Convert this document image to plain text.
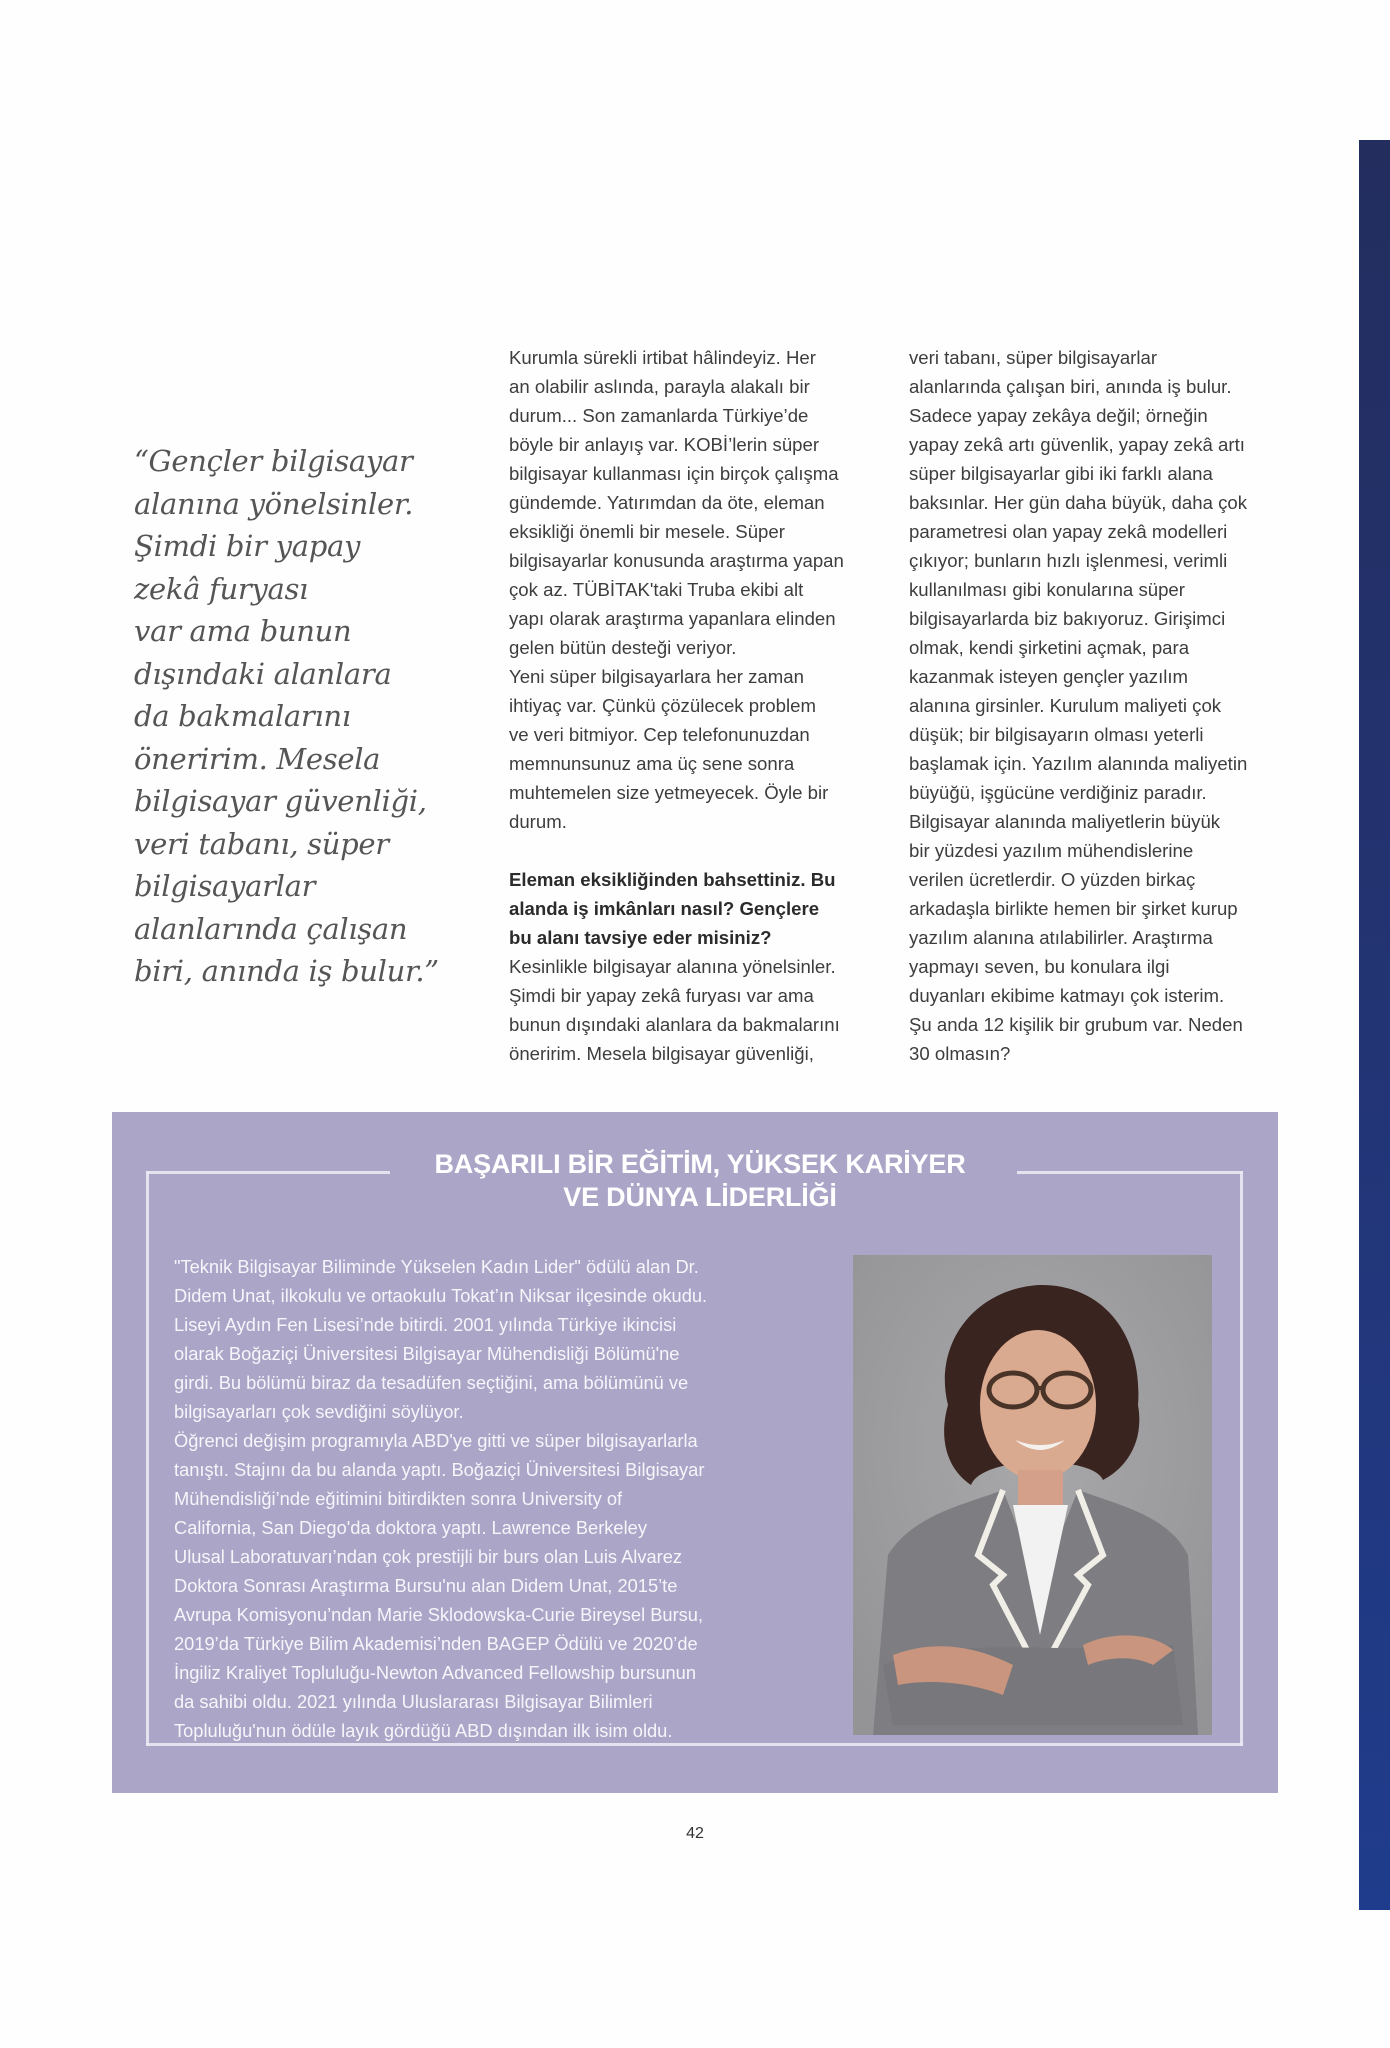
“Gençler bilgisayar
alanına yönelsinler.
Şimdi bir yapay
zekâ furyası
var ama bunun
dışındaki alanlara
da bakmalarını
öneririm. Mesela
bilgisayar güvenliği,
veri tabanı, süper
bilgisayarlar
alanlarında çalışan
biri, anında iş bulur.”
Kurumla sürekli irtibat hâlindeyiz. Her
an olabilir aslında, parayla alakalı bir
durum... Son zamanlarda Türkiye’de
böyle bir anlayış var. KOBİ’lerin süper
bilgisayar kullanması için birçok çalışma
gündemde. Yatırımdan da öte, eleman
eksikliği önemli bir mesele. Süper
bilgisayarlar konusunda araştırma yapan
çok az. TÜBİTAK'taki Truba ekibi alt
yapı olarak araştırma yapanlara elinden
gelen bütün desteği veriyor.
Yeni süper bilgisayarlara her zaman
ihtiyaç var. Çünkü çözülecek problem
ve veri bitmiyor. Cep telefonunuzdan
memnunsunuz ama üç sene sonra
muhtemelen size yetmeyecek. Öyle bir
durum.
Eleman eksikliğinden bahsettiniz. Bu
alanda iş imkânları nasıl? Gençlere
bu alanı tavsiye eder misiniz?
Kesinlikle bilgisayar alanına yönelsinler.
Şimdi bir yapay zekâ furyası var ama
bunun dışındaki alanlara da bakmalarını
öneririm. Mesela bilgisayar güvenliği,
veri tabanı, süper bilgisayarlar
alanlarında çalışan biri, anında iş bulur.
Sadece yapay zekâya değil; örneğin
yapay zekâ artı güvenlik, yapay zekâ artı
süper bilgisayarlar gibi iki farklı alana
baksınlar. Her gün daha büyük, daha çok
parametresi olan yapay zekâ modelleri
çıkıyor; bunların hızlı işlenmesi, verimli
kullanılması gibi konularına süper
bilgisayarlarda biz bakıyoruz. Girişimci
olmak, kendi şirketini açmak, para
kazanmak isteyen gençler yazılım
alanına girsinler. Kurulum maliyeti çok
düşük; bir bilgisayarın olması yeterli
başlamak için. Yazılım alanında maliyetin
büyüğü, işgücüne verdiğiniz paradır.
Bilgisayar alanında maliyetlerin büyük
bir yüzdesi yazılım mühendislerine
verilen ücretlerdir. O yüzden birkaç
arkadaşla birlikte hemen bir şirket kurup
yazılım alanına atılabilirler. Araştırma
yapmayı seven, bu konulara ilgi
duyanları ekibime katmayı çok isterim.
Şu anda 12 kişilik bir grubum var. Neden
30 olmasın?
BAŞARILI BİR EĞİTİM, YÜKSEK KARİYER
VE DÜNYA LİDERLİĞİ
"Teknik Bilgisayar Biliminde Yükselen Kadın Lider" ödülü alan Dr.
Didem Unat, ilkokulu ve ortaokulu Tokat’ın Niksar ilçesinde okudu.
Liseyi Aydın Fen Lisesi’nde bitirdi. 2001 yılında Türkiye ikincisi
olarak Boğaziçi Üniversitesi Bilgisayar Mühendisliği Bölümü'ne
girdi. Bu bölümü biraz da tesadüfen seçtiğini, ama bölümünü ve
bilgisayarları çok sevdiğini söylüyor.
Öğrenci değişim programıyla ABD'ye gitti ve süper bilgisayarlarla
tanıştı. Stajını da bu alanda yaptı. Boğaziçi Üniversitesi Bilgisayar
Mühendisliği’nde eğitimini bitirdikten sonra University of
California, San Diego'da doktora yaptı. Lawrence Berkeley
Ulusal Laboratuvarı’ndan çok prestijli bir burs olan Luis Alvarez
Doktora Sonrası Araştırma Bursu'nu alan Didem Unat, 2015’te
Avrupa Komisyonu’ndan Marie Sklodowska-Curie Bireysel Bursu,
2019’da Türkiye Bilim Akademisi’nden BAGEP Ödülü ve 2020’de
İngiliz Kraliyet Topluluğu-Newton Advanced Fellowship bursunun
da sahibi oldu. 2021 yılında Uluslararası Bilgisayar Bilimleri
Topluluğu'nun ödüle layık gördüğü ABD dışından ilk isim oldu.
42
